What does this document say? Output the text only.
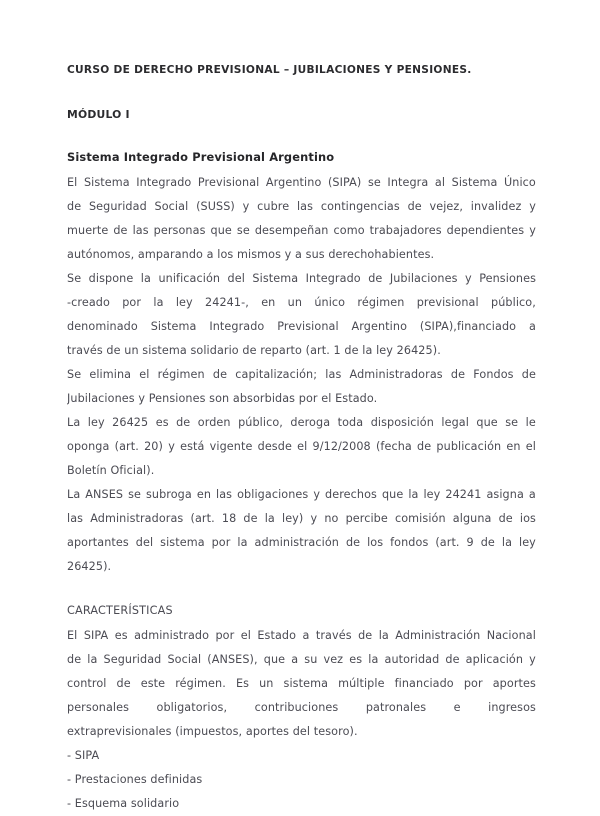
CURSO DE DERECHO PREVISIONAL – JUBILACIONES Y PENSIONES.
MÓDULO I
Sistema Integrado Previsional Argentino
El Sistema Integrado Previsional Argentino (SIPA) se Integra al Sistema Único
de Seguridad Social (SUSS) y cubre las contingencias de vejez, invalidez y
muerte de las personas que se desempeñan como trabajadores dependientes y
autónomos, amparando a los mismos y a sus derechohabientes.
Se dispone la unificación del Sistema Integrado de Jubilaciones y Pensiones
-creado por la ley 24241-, en un único régimen previsional público,
denominado Sistema Integrado Previsional Argentino (SIPA),financiado a
través de un sistema solidario de reparto (art. 1 de la ley 26425).
Se elimina el régimen de capitalización; las Administradoras de Fondos de
Jubilaciones y Pensiones son absorbidas por el Estado.
La ley 26425 es de orden público, deroga toda disposición legal que se le
oponga (art. 20) y está vigente desde el 9/12/2008 (fecha de publicación en el
Boletín Oficial).
La ANSES se subroga en las obligaciones y derechos que la ley 24241 asigna a
las Administradoras (art. 18 de la ley) y no percibe comisión alguna de ios
aportantes del sistema por la administración de los fondos (art. 9 de la ley
26425).
CARACTERÍSTICAS
El SIPA es administrado por el Estado a través de la Administración Nacional
de la Seguridad Social (ANSES), que a su vez es la autoridad de aplicación y
control de este régimen. Es un sistema múltiple financiado por aportes
personales obligatorios, contribuciones patronales e ingresos
extraprevisionales (impuestos, aportes del tesoro).
- SIPA
- Prestaciones definidas
- Esquema solidario
